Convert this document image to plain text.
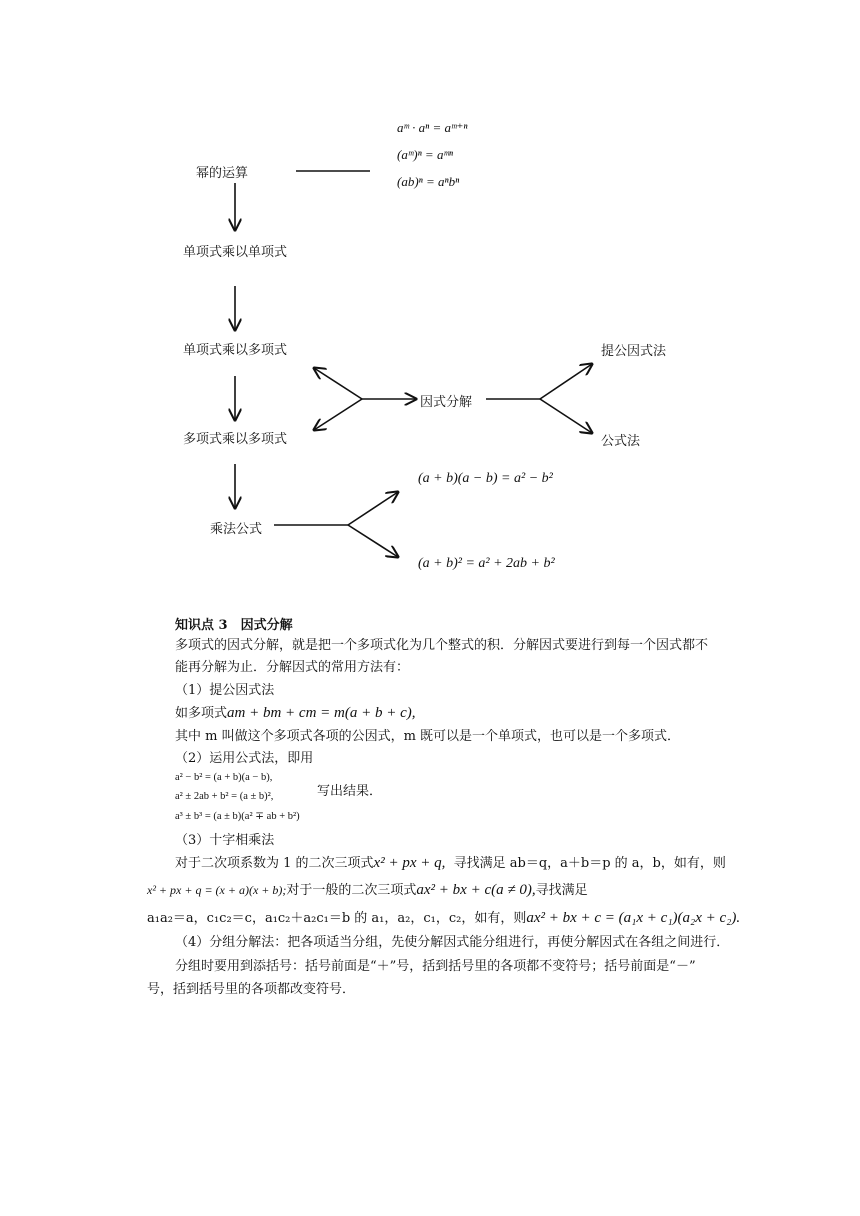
幂的运算
单项式乘以单项式
单项式乘以多项式
多项式乘以多项式
乘法公式
因式分解
提公因式法
公式法
aᵐ · aⁿ = aᵐ⁺ⁿ
(aᵐ)ⁿ = aᵐⁿ
(ab)ⁿ = aⁿbⁿ
(a + b)(a − b) = a² − b²
(a + b)² = a² + 2ab + b²
知识点 3　因式分解
多项式的因式分解，就是把一个多项式化为几个整式的积．分解因式要进行到每一个因式都不
能再分解为止．分解因式的常用方法有：
（1）提公因式法
如多项式am + bm + cm = m(a + b + c),
其中 m 叫做这个多项式各项的公因式，m 既可以是一个单项式，也可以是一个多项式．
（2）运用公式法，即用
a² − b² = (a + b)(a − b),
a² ± 2ab + b² = (a ± b)²,
a³ ± b³ = (a ± b)(a² ∓ ab + b²)
写出结果．
（3）十字相乘法
对于二次项系数为 1 的二次三项式x² + px + q, 寻找满足 ab＝q，a＋b＝p 的 a，b，如有，则
x² + px + q = (x + a)(x + b);对于一般的二次三项式ax² + bx + c(a ≠ 0),寻找满足
a₁a₂＝a，c₁c₂＝c，a₁c₂＋a₂c₁＝b 的 a₁，a₂，c₁，c₂，如有，则ax² + bx + c = (a₁x + c₁)(a₂x + c₂).
（4）分组分解法：把各项适当分组，先使分解因式能分组进行，再使分解因式在各组之间进行．
分组时要用到添括号：括号前面是“＋”号，括到括号里的各项都不变符号；括号前面是“－”
号，括到括号里的各项都改变符号．
